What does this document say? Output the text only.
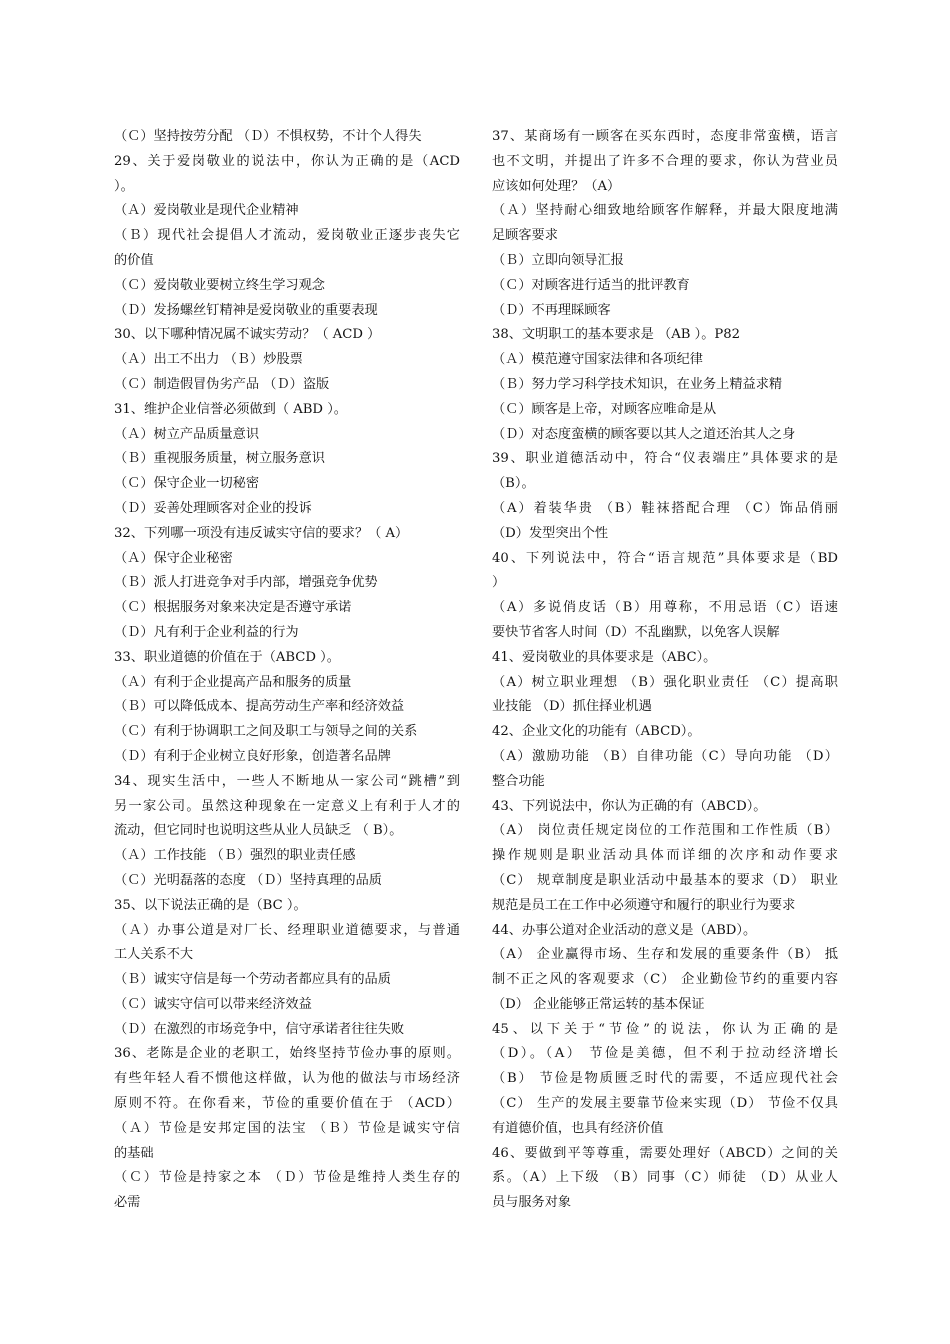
（Ｃ）坚持按劳分配 （Ｄ）不惧权势，不计个人得失
29、关于爱岗敬业的说法中，你认为正确的是（ACD
）。
（Ａ）爱岗敬业是现代企业精神
（Ｂ）现代社会提倡人才流动，爱岗敬业正逐步丧失它
的价值
（Ｃ）爱岗敬业要树立终生学习观念
（Ｄ）发扬螺丝钉精神是爱岗敬业的重要表现
30、以下哪种情况属不诚实劳动？（ ACD ）
（Ａ）出工不出力 （Ｂ）炒股票
（Ｃ）制造假冒伪劣产品 （Ｄ）盗版
31、维护企业信誉必须做到（ ABD ）。
（Ａ）树立产品质量意识
（Ｂ）重视服务质量，树立服务意识
（Ｃ）保守企业一切秘密
（Ｄ）妥善处理顾客对企业的投诉
32、下列哪一项没有违反诚实守信的要求？（ A）
（Ａ）保守企业秘密
（Ｂ）派人打进竞争对手内部，增强竞争优势
（Ｃ）根据服务对象来决定是否遵守承诺
（Ｄ）凡有利于企业利益的行为
33、职业道德的价值在于（ABCD ）。
（Ａ）有利于企业提高产品和服务的质量
（Ｂ）可以降低成本、提高劳动生产率和经济效益
（Ｃ）有利于协调职工之间及职工与领导之间的关系
（Ｄ）有利于企业树立良好形象，创造著名品牌
34、现实生活中，一些人不断地从一家公司“跳槽”到
另一家公司。虽然这种现象在一定意义上有利于人才的
流动，但它同时也说明这些从业人员缺乏 （ B）。
（Ａ）工作技能 （Ｂ）强烈的职业责任感
（Ｃ）光明磊落的态度 （Ｄ）坚持真理的品质
35、以下说法正确的是（BC ）。
（Ａ）办事公道是对厂长、经理职业道德要求，与普通
工人关系不大
（Ｂ）诚实守信是每一个劳动者都应具有的品质
（Ｃ）诚实守信可以带来经济效益
（Ｄ）在激烈的市场竞争中，信守承诺者往往失败
36、老陈是企业的老职工，始终坚持节俭办事的原则。
有些年轻人看不惯他这样做，认为他的做法与市场经济
原则不符。在你看来，节俭的重要价值在于 （ACD）
（Ａ）节俭是安邦定国的法宝 （Ｂ）节俭是诚实守信
的基础
（Ｃ）节俭是持家之本 （Ｄ）节俭是维持人类生存的
必需
37、某商场有一顾客在买东西时，态度非常蛮横，语言
也不文明，并提出了许多不合理的要求，你认为营业员
应该如何处理？（A）
（Ａ）坚持耐心细致地给顾客作解释，并最大限度地满
足顾客要求
（Ｂ）立即向领导汇报
（Ｃ）对顾客进行适当的批评教育
（Ｄ）不再理睬顾客
38、文明职工的基本要求是 （AB ）。P82
（Ａ）模范遵守国家法律和各项纪律
（Ｂ）努力学习科学技术知识，在业务上精益求精
（Ｃ）顾客是上帝，对顾客应唯命是从
（Ｄ）对态度蛮横的顾客要以其人之道还治其人之身
39、职业道德活动中，符合“仪表端庄”具体要求的是
（B）。
（A）着装华贵 （B）鞋袜搭配合理 （C）饰品俏丽
（D）发型突出个性
40、下列说法中，符合“语言规范”具体要求是（BD
）
（A）多说俏皮话（B）用尊称，不用忌语（C）语速
要快节省客人时间（D）不乱幽默，以免客人误解
41、爱岗敬业的具体要求是（ABC）。
（A）树立职业理想 （B）强化职业责任 （C）提高职
业技能 （D）抓住择业机遇
42、企业文化的功能有（ABCD）。
（A）激励功能 （B）自律功能（C）导向功能 （D）
整合功能
43、下列说法中，你认为正确的有（ABCD）。
（A） 岗位责任规定岗位的工作范围和工作性质（B）
操作规则是职业活动具体而详细的次序和动作要求
（C） 规章制度是职业活动中最基本的要求（D） 职业
规范是员工在工作中必须遵守和履行的职业行为要求
44、办事公道对企业活动的意义是（ABD）。
（A） 企业赢得市场、生存和发展的重要条件（B） 抵
制不正之风的客观要求（C） 企业勤俭节约的重要内容
（D） 企业能够正常运转的基本保证
45、以下关于“节俭”的说法，你认为正确的是
（D）。（A） 节俭是美德，但不利于拉动经济增长
（B） 节俭是物质匮乏时代的需要，不适应现代社会
（C） 生产的发展主要靠节俭来实现（D） 节俭不仅具
有道德价值，也具有经济价值
46、要做到平等尊重，需要处理好（ABCD）之间的关
系。（A）上下级 （B）同事（C）师徒 （D）从业人
员与服务对象
